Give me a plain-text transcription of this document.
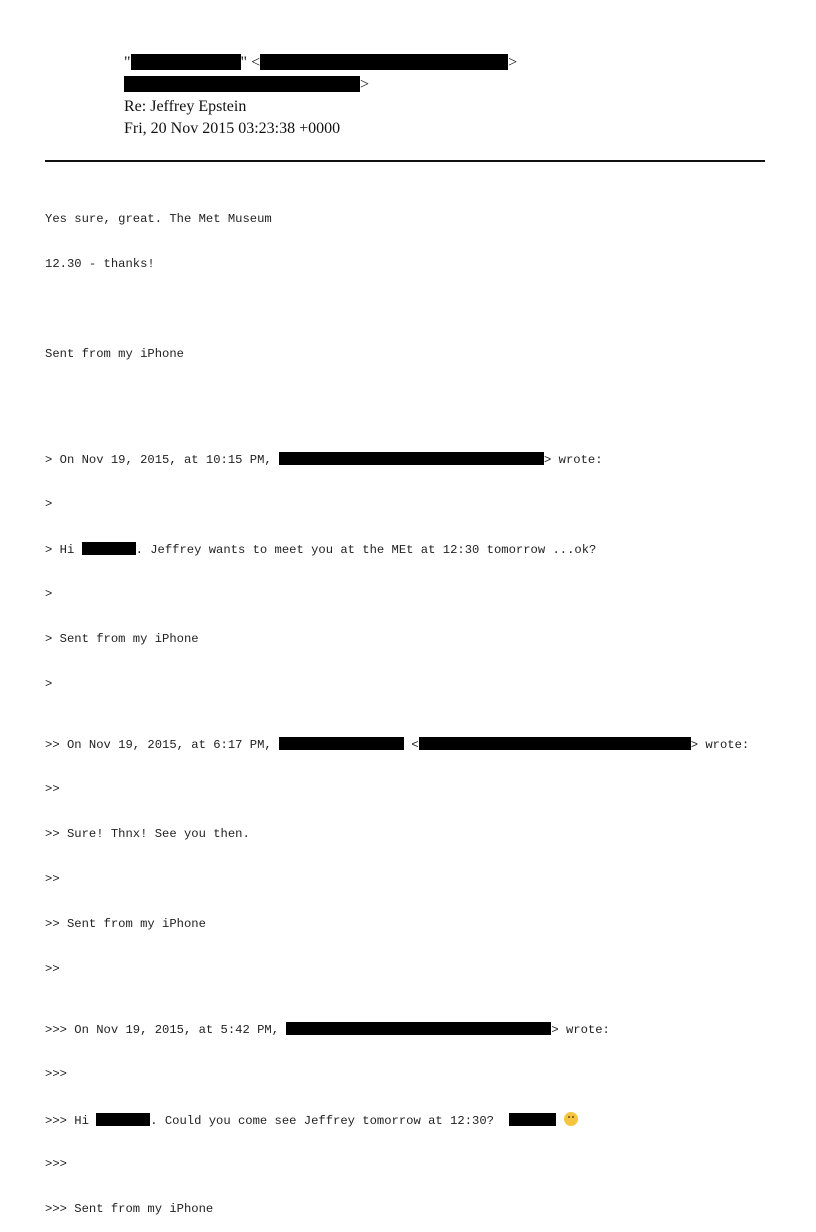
"	" <	>
>
Re: Jeffrey Epstein
Fri, 20 Nov 2015 03:23:38 +0000

Yes sure, great. The Met Museum

12.30 - thanks!

Sent from my iPhone

> On Nov 19, 2015, at 10:15 PM,	> wrote:

>

> Hi	. Jeffrey wants to meet you at the MEt at 12:30 tomorrow ...ok?

>

> Sent from my iPhone

>

>> On Nov 19, 2015, at 6:17 PM,	<	> wrote:

>>

>> Sure! Thnx! See you then.

>>

>> Sent from my iPhone

>>

>>> On Nov 19, 2015, at 5:42 PM,	> wrote:

>>>

>>> Hi	. Could you come see Jeffrey tomorrow at 12:30?

>>>

>>> Sent from my iPhone
